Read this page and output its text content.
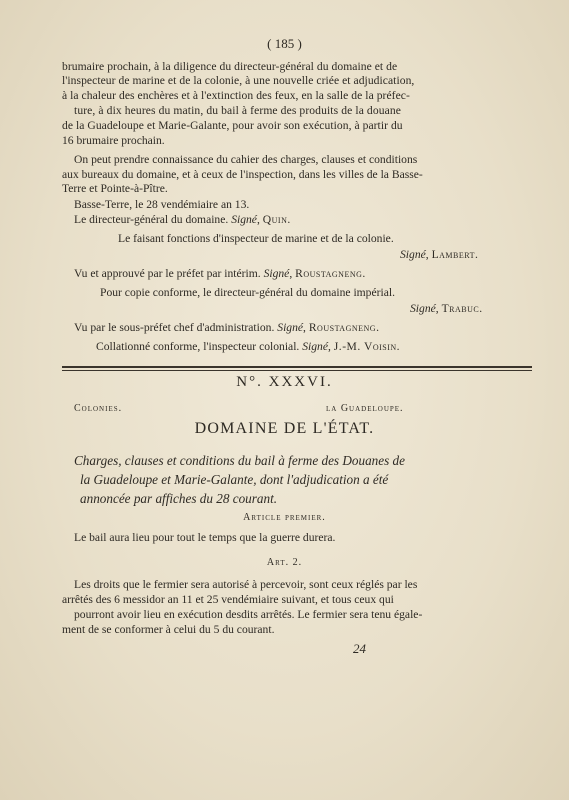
( 185 )
brumaire prochain, à la diligence du directeur-général du domaine et de
l'inspecteur de marine et de la colonie, à une nouvelle criée et adjudication,
à la chaleur des enchères et à l'extinction des feux, en la salle de la préfec-
ture, à dix heures du matin, du bail à ferme des produits de la douane
de la Guadeloupe et Marie-Galante, pour avoir son exécution, à partir du
16 brumaire prochain.
On peut prendre connaissance du cahier des charges, clauses et conditions
aux bureaux du domaine, et à ceux de l'inspection, dans les villes de la Basse-
Terre et Pointe-à-Pître.
Basse-Terre, le 28 vendémiaire an 13.
Le directeur-général du domaine. Signé, Quin.
Le faisant fonctions d'inspecteur de marine et de la colonie.
Signé, Lambert.
Vu et approuvé par le préfet par intérim. Signé, Roustagneng.
Pour copie conforme, le directeur-général du domaine impérial.
Signé, Trabuc.
Vu par le sous-préfet chef d'administration. Signé, Roustagneng.
Collationné conforme, l'inspecteur colonial. Signé, J.-M. Voisin.
N°. XXXVI.
Colonies.	la Guadeloupe.
DOMAINE DE L'ÉTAT.
Charges, clauses et conditions du bail à ferme des Douanes de
la Guadeloupe et Marie-Galante, dont l'adjudication a été
annoncée par affiches du 28 courant.
Article premier.
Le bail aura lieu pour tout le temps que la guerre durera.
Art. 2.
Les droits que le fermier sera autorisé à percevoir, sont ceux réglés par les
arrêtés des 6 messidor an 11 et 25 vendémiaire suivant, et tous ceux qui
pourront avoir lieu en exécution desdits arrêtés. Le fermier sera tenu égale-
ment de se conformer à celui du 5 du courant.
24
